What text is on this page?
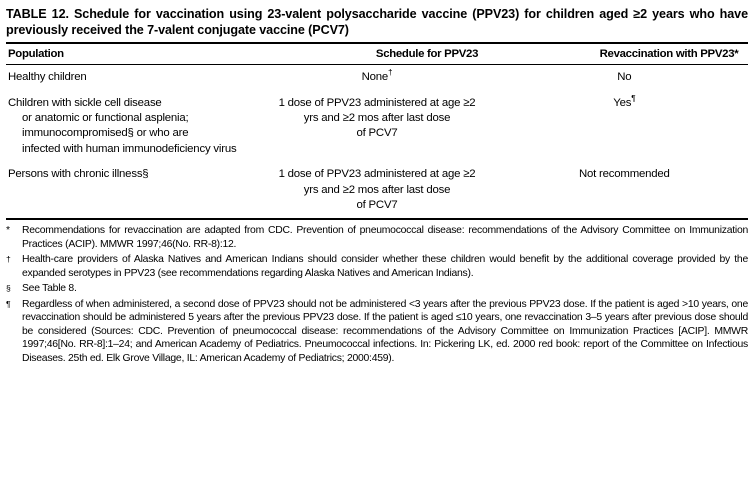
TABLE 12. Schedule for vaccination using 23-valent polysaccharide vaccine (PPV23) for children aged ≥2 years who have previously received the 7-valent conjugate vaccine (PCV7)
Population	Schedule for PPV23	Revaccination with PPV23*
Healthy children	None†	No
Children with sickle cell disease
or anatomic or functional asplenia;
immunocompromised§ or who are
infected with human immunodeficiency virus	1 dose of PPV23 administered at age ≥2
yrs and ≥2 mos after last dose
of PCV7	Yes¶
Persons with chronic illness§	1 dose of PPV23 administered at age ≥2
yrs and ≥2 mos after last dose
of PCV7	Not recommended
*	Recommendations for revaccination are adapted from CDC. Prevention of pneumococcal disease: recommendations of the Advisory Committee on Immunization Practices (ACIP). MMWR 1997;46(No. RR-8):12.
†	Health-care providers of Alaska Natives and American Indians should consider whether these children would benefit by the additional coverage provided by the expanded serotypes in PPV23 (see recommendations regarding Alaska Natives and American Indians).
§	See Table 8.
¶	Regardless of when administered, a second dose of PPV23 should not be administered <3 years after the previous PPV23 dose. If the patient is aged >10 years, one revaccination should be administered 5 years after the previous PPV23 dose. If the patient is aged ≤10 years, one revaccination 3–5 years after previous dose should be considered (Sources: CDC. Prevention of pneumococcal disease: recommendations of the Advisory Committee on Immunization Practices [ACIP]. MMWR 1997;46[No. RR-8]:1–24; and American Academy of Pediatrics. Pneumococcal infections. In: Pickering LK, ed. 2000 red book: report of the Committee on Infectious Diseases. 25th ed. Elk Grove Village, IL: American Academy of Pediatrics; 2000:459).
